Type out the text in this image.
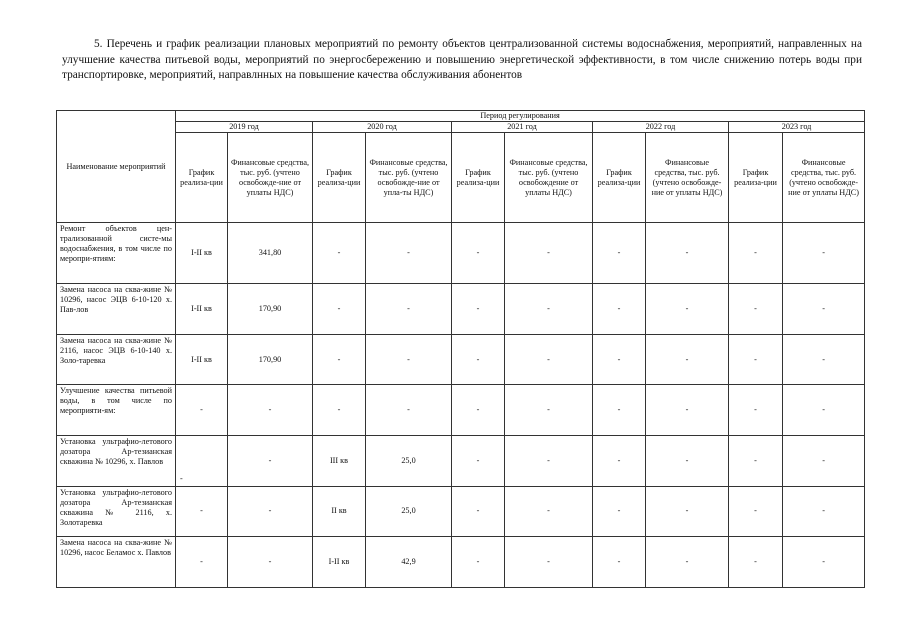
5. Перечень и график реализации плановых мероприятий по ремонту объектов централизованной системы водоснабжения, мероприятий, направленных на улучшение качества питьевой воды, мероприятий по энергосбережению и повышению энергетической эффективности, в том числе снижению потерь воды при транспортировке, мероприятий, направлнных на повышение качества обслуживания абонентов
Наименование мероприятий	Период регулирования									
	2019 год		2020 год		2021 год		2022 год		2023 год	
	График реализа-ции	Финансовые средства, тыс. руб. (учтено освобожде-ние от уплаты НДС)	График реализа-ции	Финансовые средства, тыс. руб. (учтено освобожде-ние от упла-ты НДС)	График реализа-ции	Финансовые средства, тыс. руб. (учтено освобождение от уплаты НДС)	График реализа-ции	Финансовые средства, тыс. руб. (учтено освобожде-ние от уплаты НДС)	График реализа-ции	Финансовые средства, тыс. руб. (учтено освобожде-ние от уплаты НДС)
Ремонт объектов цен-трализованной систе-мы водоснабжения, в том числе по меропри-ятиям:	I-II кв	341,80	-	-	-	-	-	-	-	-
Замена насоса на сква-жине № 10296, насос ЭЦВ 6-10-120 х. Пав-лов	I-II кв	170,90	-	-	-	-	-	-	-	-
Замена насоса на сква-жине № 2116, насос ЭЦВ 6-10-140 х. Золо-таревка	I-II кв	170,90	-	-	-	-	-	-	-	-
Улучшение качества питьевой воды, в том числе по мероприяти-ям:	-	-	-	-	-	-	-	-	-	-
Установка ультрафио-летового дозатора Ар-тезианская скважина № 10296, х. Павлов	-	-	III кв	25,0	-	-	-	-	-	-
Установка ультрафио-летового дозатора Ар-тезианская скважина № 2116, х. Золотаревка	-	-	II кв	25,0	-	-	-	-	-	-
Замена насоса на сква-жине № 10296, насос Беламос х. Павлов	-	-	I-II кв	42,9	-	-	-	-	-	-
